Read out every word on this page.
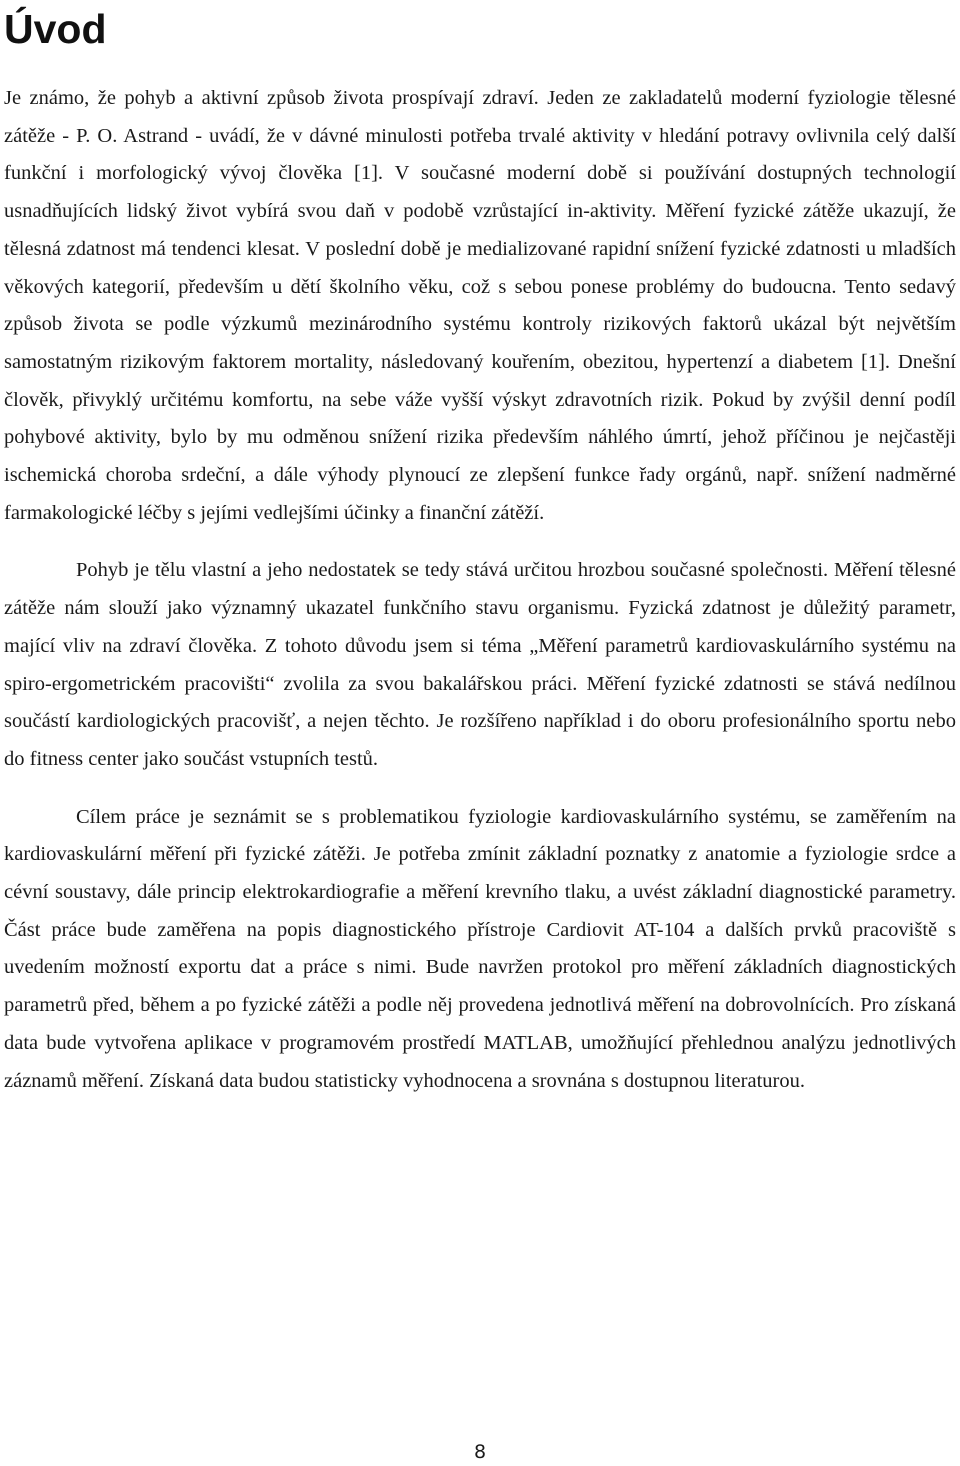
Úvod

Je známo, že pohyb a aktivní způsob života prospívají zdraví. Jeden ze zakladatelů moderní fyziologie tělesné zátěže - P. O. Astrand - uvádí, že v dávné minulosti potřeba trvalé aktivity v hledání potravy ovlivnila celý další funkční i morfologický vývoj člověka [1]. V současné moderní době si používání dostupných technologií usnadňujících lidský život vybírá svou daň v podobě vzrůstající in-aktivity. Měření fyzické zátěže ukazují, že tělesná zdatnost má tendenci klesat. V poslední době je medializované rapidní snížení fyzické zdatnosti u mladších věkových kategorií, především u dětí školního věku, což s sebou ponese problémy do budoucna. Tento sedavý způsob života se podle výzkumů mezinárodního systému kontroly rizikových faktorů ukázal být největším samostatným rizikovým faktorem mortality, následovaný kouřením, obezitou, hypertenzí a diabetem [1]. Dnešní člověk, přivyklý určitému komfortu, na sebe váže vyšší výskyt zdravotních rizik. Pokud by zvýšil denní podíl pohybové aktivity, bylo by mu odměnou snížení rizika především náhlého úmrtí, jehož příčinou je nejčastěji ischemická choroba srdeční, a dále výhody plynoucí ze zlepšení funkce řady orgánů, např. snížení nadměrné farmakologické léčby s jejími vedlejšími účinky a finanční zátěží.

Pohyb je tělu vlastní a jeho nedostatek se tedy stává určitou hrozbou současné společnosti. Měření tělesné zátěže nám slouží jako významný ukazatel funkčního stavu organismu. Fyzická zdatnost je důležitý parametr, mající vliv na zdraví člověka. Z tohoto důvodu jsem si téma „Měření parametrů kardiovaskulárního systému na spiro-ergometrickém pracovišti“ zvolila za svou bakalářskou práci. Měření fyzické zdatnosti se stává nedílnou součástí kardiologických pracovišť, a nejen těchto. Je rozšířeno například i do oboru profesionálního sportu nebo do fitness center jako součást vstupních testů.

Cílem práce je seznámit se s problematikou fyziologie kardiovaskulárního systému, se zaměřením na kardiovaskulární měření při fyzické zátěži. Je potřeba zmínit základní poznatky z anatomie a fyziologie srdce a cévní soustavy, dále princip elektrokardiografie a měření krevního tlaku, a uvést základní diagnostické parametry. Část práce bude zaměřena na popis diagnostického přístroje Cardiovit AT-104 a dalších prvků pracoviště s uvedením možností exportu dat a práce s nimi. Bude navržen protokol pro měření základních diagnostických parametrů před, během a po fyzické zátěži a podle něj provedena jednotlivá měření na dobrovolnících. Pro získaná data bude vytvořena aplikace v programovém prostředí MATLAB, umožňující přehlednou analýzu jednotlivých záznamů měření. Získaná data budou statisticky vyhodnocena a srovnána s dostupnou literaturou.

8
